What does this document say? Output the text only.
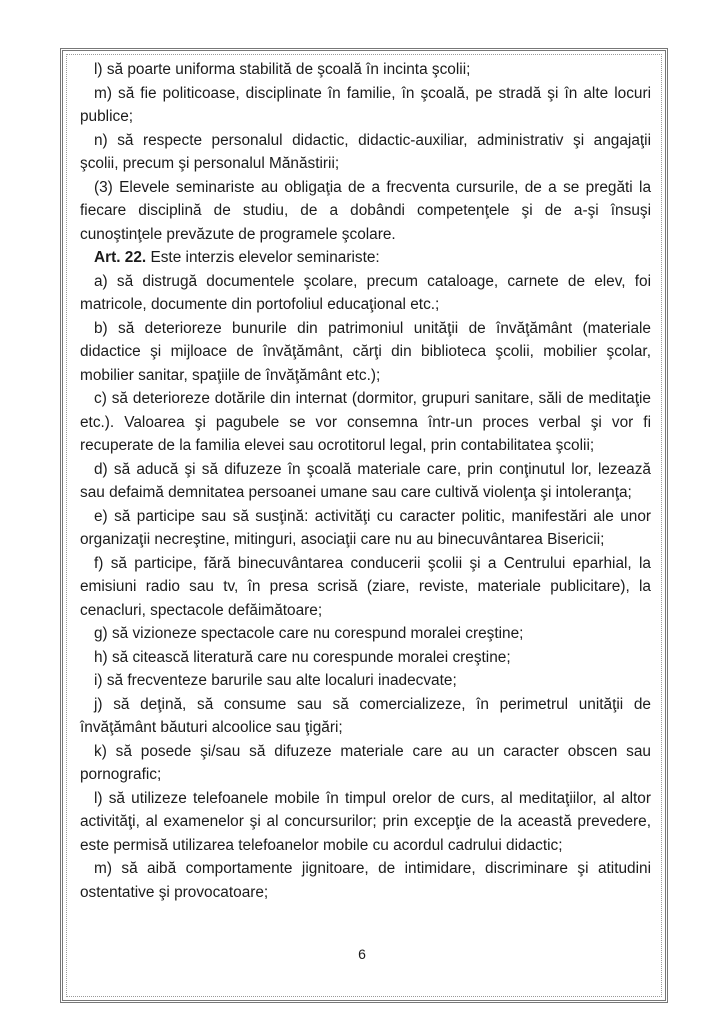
l) să poarte uniforma stabilită de şcoală în incinta şcolii;

m) să fie politicoase, disciplinate în familie, în şcoală, pe stradă şi în alte locuri publice;

n) să respecte personalul didactic, didactic-auxiliar, administrativ şi angajaţii şcolii, precum şi personalul Mănăstirii;

(3) Elevele seminariste au obligaţia de a frecventa cursurile, de a se pregăti la fiecare disciplină de studiu, de a dobândi competenţele şi de a-şi însuşi cunoştinţele prevăzute de programele şcolare.

Art. 22. Este interzis elevelor seminariste:

a) să distrugă documentele şcolare, precum cataloage, carnete de elev, foi matricole, documente din portofoliul educaţional etc.;

b) să deterioreze bunurile din patrimoniul unităţii de învăţământ (materiale didactice şi mijloace de învăţământ, cărţi din biblioteca şcolii, mobilier şcolar, mobilier sanitar, spaţiile de învăţământ etc.);

c) să deterioreze dotările din internat (dormitor, grupuri sanitare, săli de meditaţie etc.). Valoarea şi pagubele se vor consemna într-un proces verbal şi vor fi recuperate de la familia elevei sau ocrotitorul legal, prin contabilitatea şcolii;

d) să aducă şi să difuzeze în şcoală materiale care, prin conţinutul lor, lezează sau defaimă demnitatea persoanei umane sau care cultivă violenţa şi intoleranţa;

e) să participe sau să susţină: activităţi cu caracter politic, manifestări ale unor organizaţii necreştine, mitinguri, asociaţii care nu au binecuvântarea Bisericii;

f) să participe, fără binecuvântarea conducerii şcolii şi a Centrului eparhial, la emisiuni radio sau tv, în presa scrisă (ziare, reviste, materiale publicitare), la cenacluri, spectacole defăimătoare;

g) să vizioneze spectacole care nu corespund moralei creştine;

h) să citească literatură care nu corespunde moralei creştine;

i) să frecventeze barurile sau alte localuri inadecvate;

j) să deţină, să consume sau să comercializeze, în perimetrul unităţii de învăţământ băuturi alcoolice sau ţigări;

k) să posede şi/sau să difuzeze materiale care au un caracter obscen sau pornografic;

l) să utilizeze telefoanele mobile în timpul orelor de curs, al meditaţiilor, al altor activităţi, al examenelor şi al concursurilor; prin excepţie de la această prevedere, este permisă utilizarea telefoanelor mobile cu acordul cadrului didactic;

m) să aibă comportamente jignitoare, de intimidare, discriminare şi atitudini ostentative şi provocatoare;

6
